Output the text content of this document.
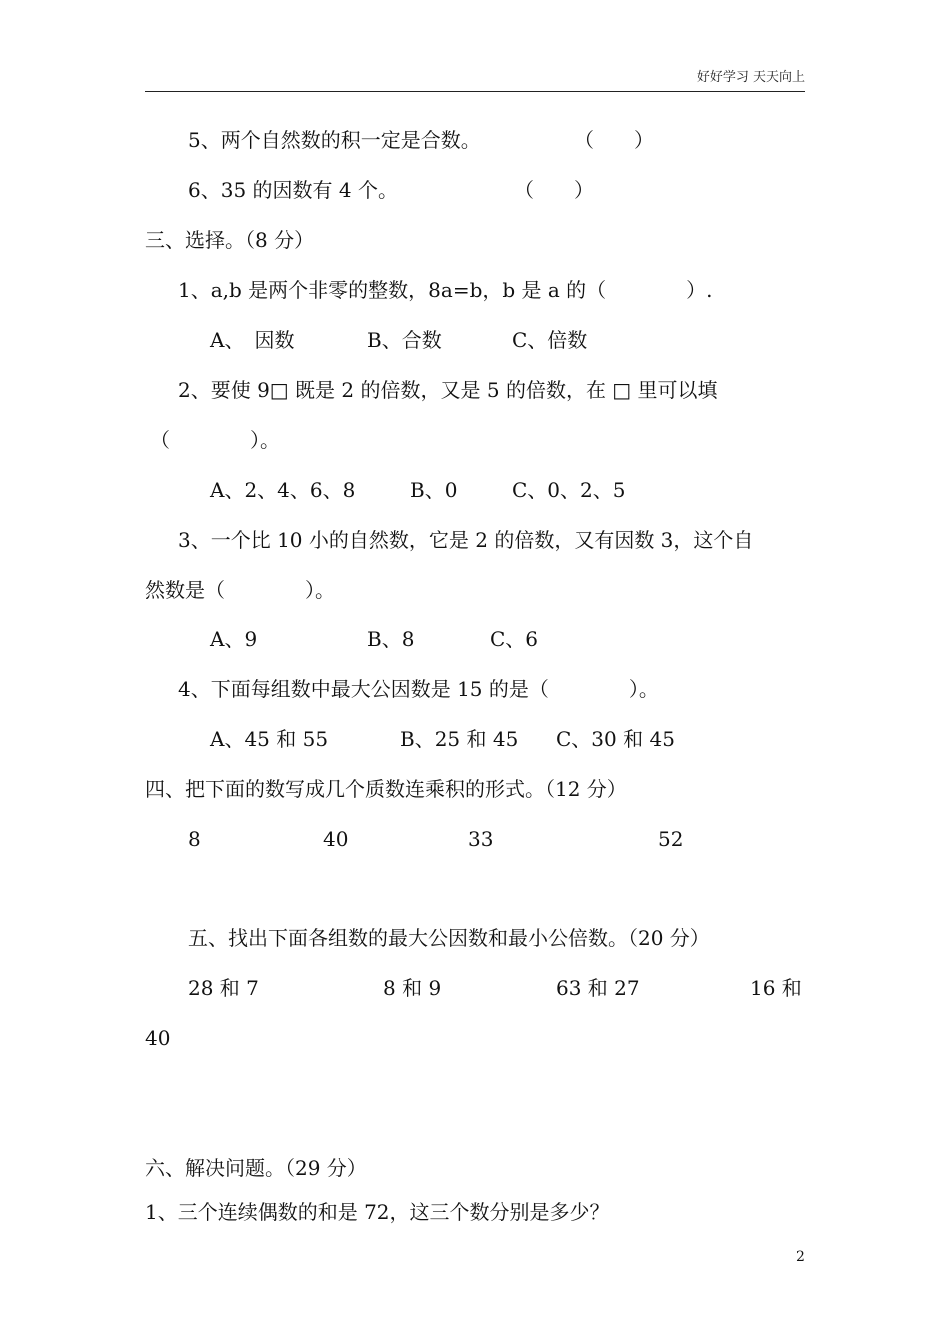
好好学习 天天向上
5、两个自然数的积一定是合数。	（　　）
6、35 的因数有 4 个。	（　　）
三、选择。（8 分）
1、a,b 是两个非零的整数，8a=b，b 是 a 的（　　　　）.
A、　因数	B、合数	C、倍数
2、要使 9□ 既是 2 的倍数，又是 5 的倍数，在 □ 里可以填
（　　　　）。
A、2、4、6、8	B、0	C、0、2、5
3、一个比 10 小的自然数，它是 2 的倍数，又有因数 3，这个自
然数是（　　　　）。
A、9	B、8	C、6
4、下面每组数中最大公因数是 15 的是（　　　　）。
A、45 和 55	B、25 和 45 C、30 和 45
四、把下面的数写成几个质数连乘积的形式。（12 分）
8	40	33	52
五、找出下面各组数的最大公因数和最小公倍数。（20 分）
28 和 7	8 和 9	63 和 27	16 和
40
六、解决问题。（29 分）
1、三个连续偶数的和是 72，这三个数分别是多少？
2
